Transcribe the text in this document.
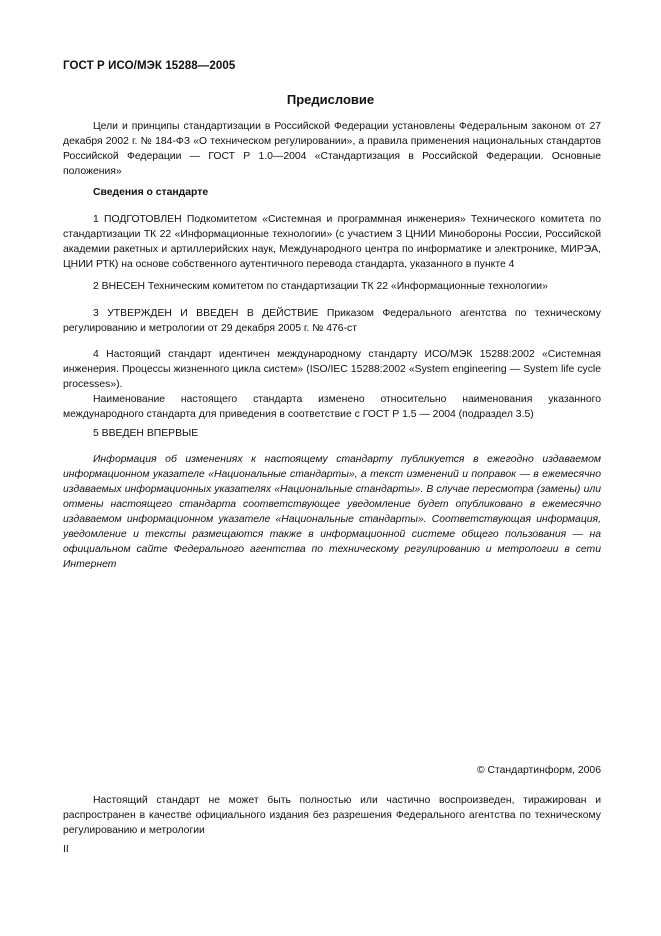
ГОСТ Р ИСО/МЭК 15288—2005
Предисловие

Цели и принципы стандартизации в Российской Федерации установлены Федеральным законом от 27 декабря 2002 г. № 184-ФЗ «О техническом регулировании», а правила применения национальных стандартов Российской Федерации — ГОСТ Р 1.0—2004 «Стандартизация в Российской Федерации. Основные положения»

Сведения о стандарте

1 ПОДГОТОВЛЕН Подкомитетом «Системная и программная инженерия» Технического комитета по стандартизации ТК 22 «Информационные технологии» (с участием 3 ЦНИИ Минобороны России, Российской академии ракетных и артиллерийских наук, Международного центра по информатике и электронике, МИРЭА, ЦНИИ РТК) на основе собственного аутентичного перевода стандарта, указанного в пункте 4

2 ВНЕСЕН Техническим комитетом по стандартизации ТК 22 «Информационные технологии»

3 УТВЕРЖДЕН И ВВЕДЕН В ДЕЙСТВИЕ Приказом Федерального агентства по техническому регулированию и метрологии от 29 декабря 2005 г. № 476-ст

4 Настоящий стандарт идентичен международному стандарту ИСО/МЭК 15288:2002 «Системная инженерия. Процессы жизненного цикла систем» (ISO/IEC 15288:2002 «System engineering — System life cycle processes»).

Наименование настоящего стандарта изменено относительно наименования указанного международного стандарта для приведения в соответствие с ГОСТ Р 1.5 — 2004 (подраздел 3.5)

5 ВВЕДЕН ВПЕРВЫЕ

Информация об изменениях к настоящему стандарту публикуется в ежегодно издаваемом информационном указателе «Национальные стандарты», а текст изменений и поправок — в ежемесячно издаваемых информационных указателях «Национальные стандарты». В случае пересмотра (замены) или отмены настоящего стандарта соответствующее уведомление будет опубликовано в ежемесячно издаваемом информационном указателе «Национальные стандарты». Соответствующая информация, уведомление и тексты размещаются также в информационной системе общего пользования — на официальном сайте Федерального агентства по техническому регулированию и метрологии в сети Интернет

© Стандартинформ, 2006

Настоящий стандарт не может быть полностью или частично воспроизведен, тиражирован и распространен в качестве официального издания без разрешения Федерального агентства по техническому регулированию и метрологии

II
